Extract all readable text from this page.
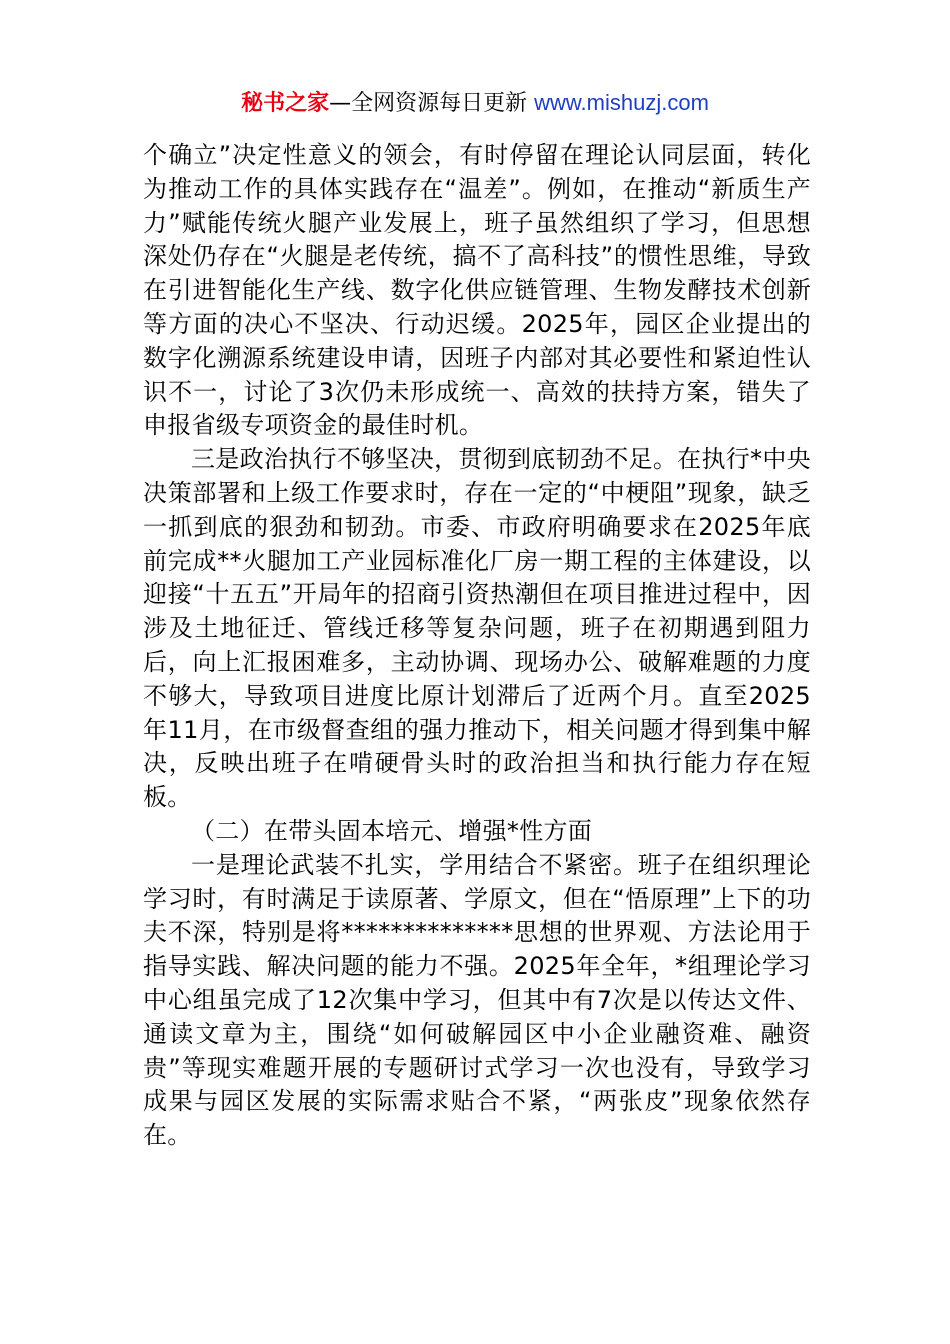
秘书之家—全网资源每日更新 www.mishuzj.com

个确立”决定性意义的领会，有时停留在理论认同层面，转化为推动工作的具体实践存在“温差”。例如，在推动“新质生产力”赋能传统火腿产业发展上，班子虽然组织了学习，但思想深处仍存在“火腿是老传统，搞不了高科技”的惯性思维，导致在引进智能化生产线、数字化供应链管理、生物发酵技术创新等方面的决心不坚决、行动迟缓。2025年，园区企业提出的数字化溯源系统建设申请，因班子内部对其必要性和紧迫性认识不一，讨论了3次仍未形成统一、高效的扶持方案，错失了申报省级专项资金的最佳时机。

三是政治执行不够坚决，贯彻到底韧劲不足。在执行*中央决策部署和上级工作要求时，存在一定的“中梗阻”现象，缺乏一抓到底的狠劲和韧劲。市委、市政府明确要求在2025年底前完成**火腿加工产业园标准化厂房一期工程的主体建设，以迎接“十五五”开局年的招商引资热潮但在项目推进过程中，因涉及土地征迁、管线迁移等复杂问题，班子在初期遇到阻力后，向上汇报困难多，主动协调、现场办公、破解难题的力度不够大，导致项目进度比原计划滞后了近两个月。直至2025年11月，在市级督查组的强力推动下，相关问题才得到集中解决，反映出班子在啃硬骨头时的政治担当和执行能力存在短板。

（二）在带头固本培元、增强*性方面

一是理论武装不扎实，学用结合不紧密。班子在组织理论学习时，有时满足于读原著、学原文，但在“悟原理”上下的功夫不深，特别是将**************思想的世界观、方法论用于指导实践、解决问题的能力不强。2025年全年，*组理论学习中心组虽完成了12次集中学习，但其中有7次是以传达文件、通读文章为主，围绕“如何破解园区中小企业融资难、融资贵”等现实难题开展的专题研讨式学习一次也没有，导致学习成果与园区发展的实际需求贴合不紧，“两张皮”现象依然存在。
